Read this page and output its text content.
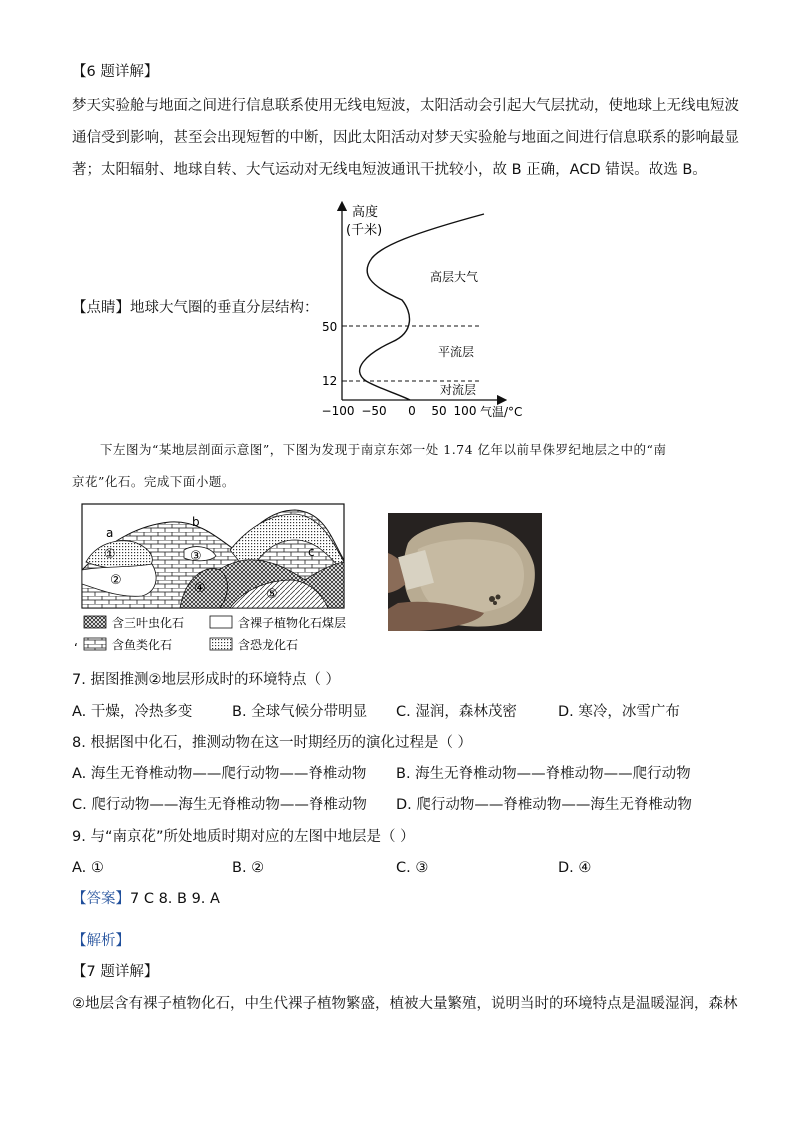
【6 题详解】
梦天实验舱与地面之间进行信息联系使用无线电短波，太阳活动会引起大气层扰动，使地球上无线电短波
通信受到影响，甚至会出现短暂的中断，因此太阳活动对梦天实验舱与地面之间进行信息联系的影响最显
著；太阳辐射、地球自转、大气运动对无线电短波通讯干扰较小，故 B 正确，ACD 错误。故选 B。
【点睛】地球大气圈的垂直分层结构：
高度
(千米)
50
12
−100 −50 0 50 100 气温/°C
高层大气
平流层
对流层
下左图为“某地层剖面示意图”，下图为发现于南京东郊一处 1.74 亿年以前早侏罗纪地层之中的“南
京花”化石。完成下面小题。
a
b
c
①
②
③
④	⑤
含三叶虫化石	含裸子植物化石煤层
含鱼类化石	含恐龙化石
‘
7. 据图推测②地层形成时的环境特点（ ）
A. 干燥，冷热多变	B. 全球气候分带明显 C. 湿润，森林茂密	D. 寒冷，冰雪广布
8. 根据图中化石，推测动物在这一时期经历的演化过程是（ ）
A. 海生无脊椎动物——爬行动物——脊椎动物 B. 海生无脊椎动物——脊椎动物——爬行动物
C. 爬行动物——海生无脊椎动物——脊椎动物 D. 爬行动物——脊椎动物——海生无脊椎动物
9. 与“南京花”所处地质时期对应的左图中地层是（ ）
A. ①	B. ②	C. ③	D. ④
【答案】7 C 8. B 9. A
【解析】
【7 题详解】
②地层含有裸子植物化石，中生代裸子植物繁盛，植被大量繁殖，说明当时的环境特点是温暖湿润，森林
